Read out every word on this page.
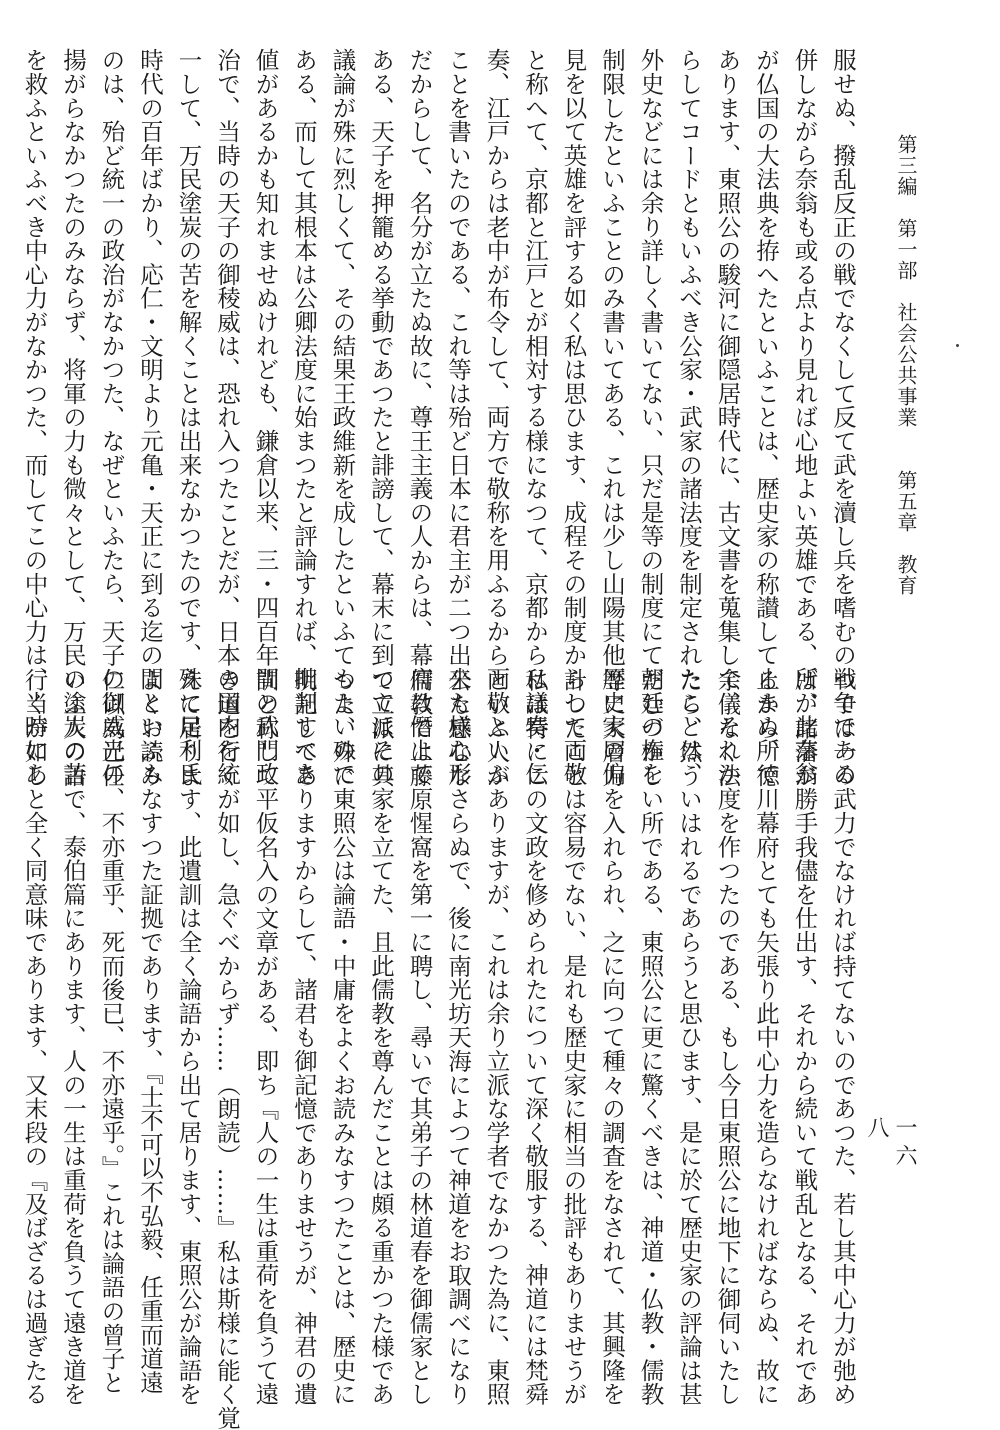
第三編　第一部　社会公共事業　　第五章　教育
一六八
服せぬ、撥乱反正の戦でなくして反て武を瀆し兵を嗜むの戦争である
併しながら奈翁も或る点より見れば心地よい英雄である、所が此奈翁
が仏国の大法典を拵へたといふことは、歴史家の称讃して止まぬ所で
あります、東照公の駿河に御隠居時代に、古文書を蒐集して、それか
らしてコードともいふべき公家・武家の諸法度を制定されたことは、
外史などには余り詳しく書いてない、只だ是等の制度にて朝廷の権を
制限したといふことのみ書いてある、これは少し山陽其他歴史家の偏
見を以て英雄を評する如く私は思ひます、成程その制度からして両敬
と称へて、京都と江戸とが相対する様になつて、京都からは議奏・伝
奏、江戸からは老中が布令して、両方で敬称を用ふるから両敬といふ
ことを書いたのである、これ等は殆ど日本に君主が二つ出来た様な形
だからして、名分が立たぬ故に、尊王主義の人からは、幕府は僭上で
ある、天子を押籠める挙動であつたと誹謗して、幕末に到つてはその
議論が殊に烈しくて、その結果王政維新を成したといふてもよいので
ある、而して其根本は公卿法度に始まつたと評論すれば、批判すべき
値があるかも知れませぬけれども、鎌倉以来、三・四百年間の武門政
治で、当時の天子の御稜威は、恐れ入つたことだが、日本の国内を統
一して、万民塗炭の苦を解くことは出来なかつたのです、殊に足利氏
時代の百年ばかり、応仁・文明より元亀・天正に到る迄の間といふも
のは、殆ど統一の政治がなかつた、なぜといふたら、天子の御威光の
揚がらなかつたのみならず、将軍の力も微々として、万民の塗炭の苦
を救ふといふべき中心力がなかつた、而してこの中心力は、当時にあ
つては一の武力でなければ持てないのであつた、若し其中心力が弛め
ば、諸藩が勝手我儘を仕出す、それから続いて戦乱となる、それであ
るから、徳川幕府とても矢張り此中心力を造らなければならぬ、故に
余儀なく法度を作つたのである、もし今日東照公に地下に御伺いたし
たら、然ういはれるであらうと思ひます、是に於て歴史家の評論は甚
だむづかしい所である、東照公に更に驚くべきは、神道・仏教・儒教
等に大層力を入れられ、之に向つて種々の調査をなされて、其興隆を
計つたことは容易でない、是れも歴史家に相当の批評もありませうが
私は特にこの文政を修められたについて深く敬服する、神道には梵舜
といふ人がありますが、これは余り立派な学者でなかつた為に、東照
公も感心なさらぬで、後に南光坊天海によつて神道をお取調べになり
儒教では藤原惺窩を第一に聘し、尋いで其弟子の林道春を御儒家とし
て立派に其家を立てた、且此儒教を尊んだことは頗る重かつた様であ
つた、殊に東照公は論語・中庸をよくお読みなすつたことは、歴史に
明記してありますからして、諸君も御記憶でありませうが、神君の遺
訓と称して平仮名入の文章がある、即ち『人の一生は重荷を負うて遠
き道を行くが如し、急ぐべからず……（朗読）……』私は斯様に能く覚
えて居ります、此遺訓は全く論語から出て居ります、東照公が論語を
よくお読みなすつた証拠であります、『士不可以不弘毅、任重而道遠
仁以為己任、不亦重乎、死而後已、不亦遠乎。』これは論語の曾子と
いふ人の語で、泰伯篇にあります、人の一生は重荷を負うて遠き道を
行くが如しと全く同意味であります、又末段の『及ばざるは過ぎたる
